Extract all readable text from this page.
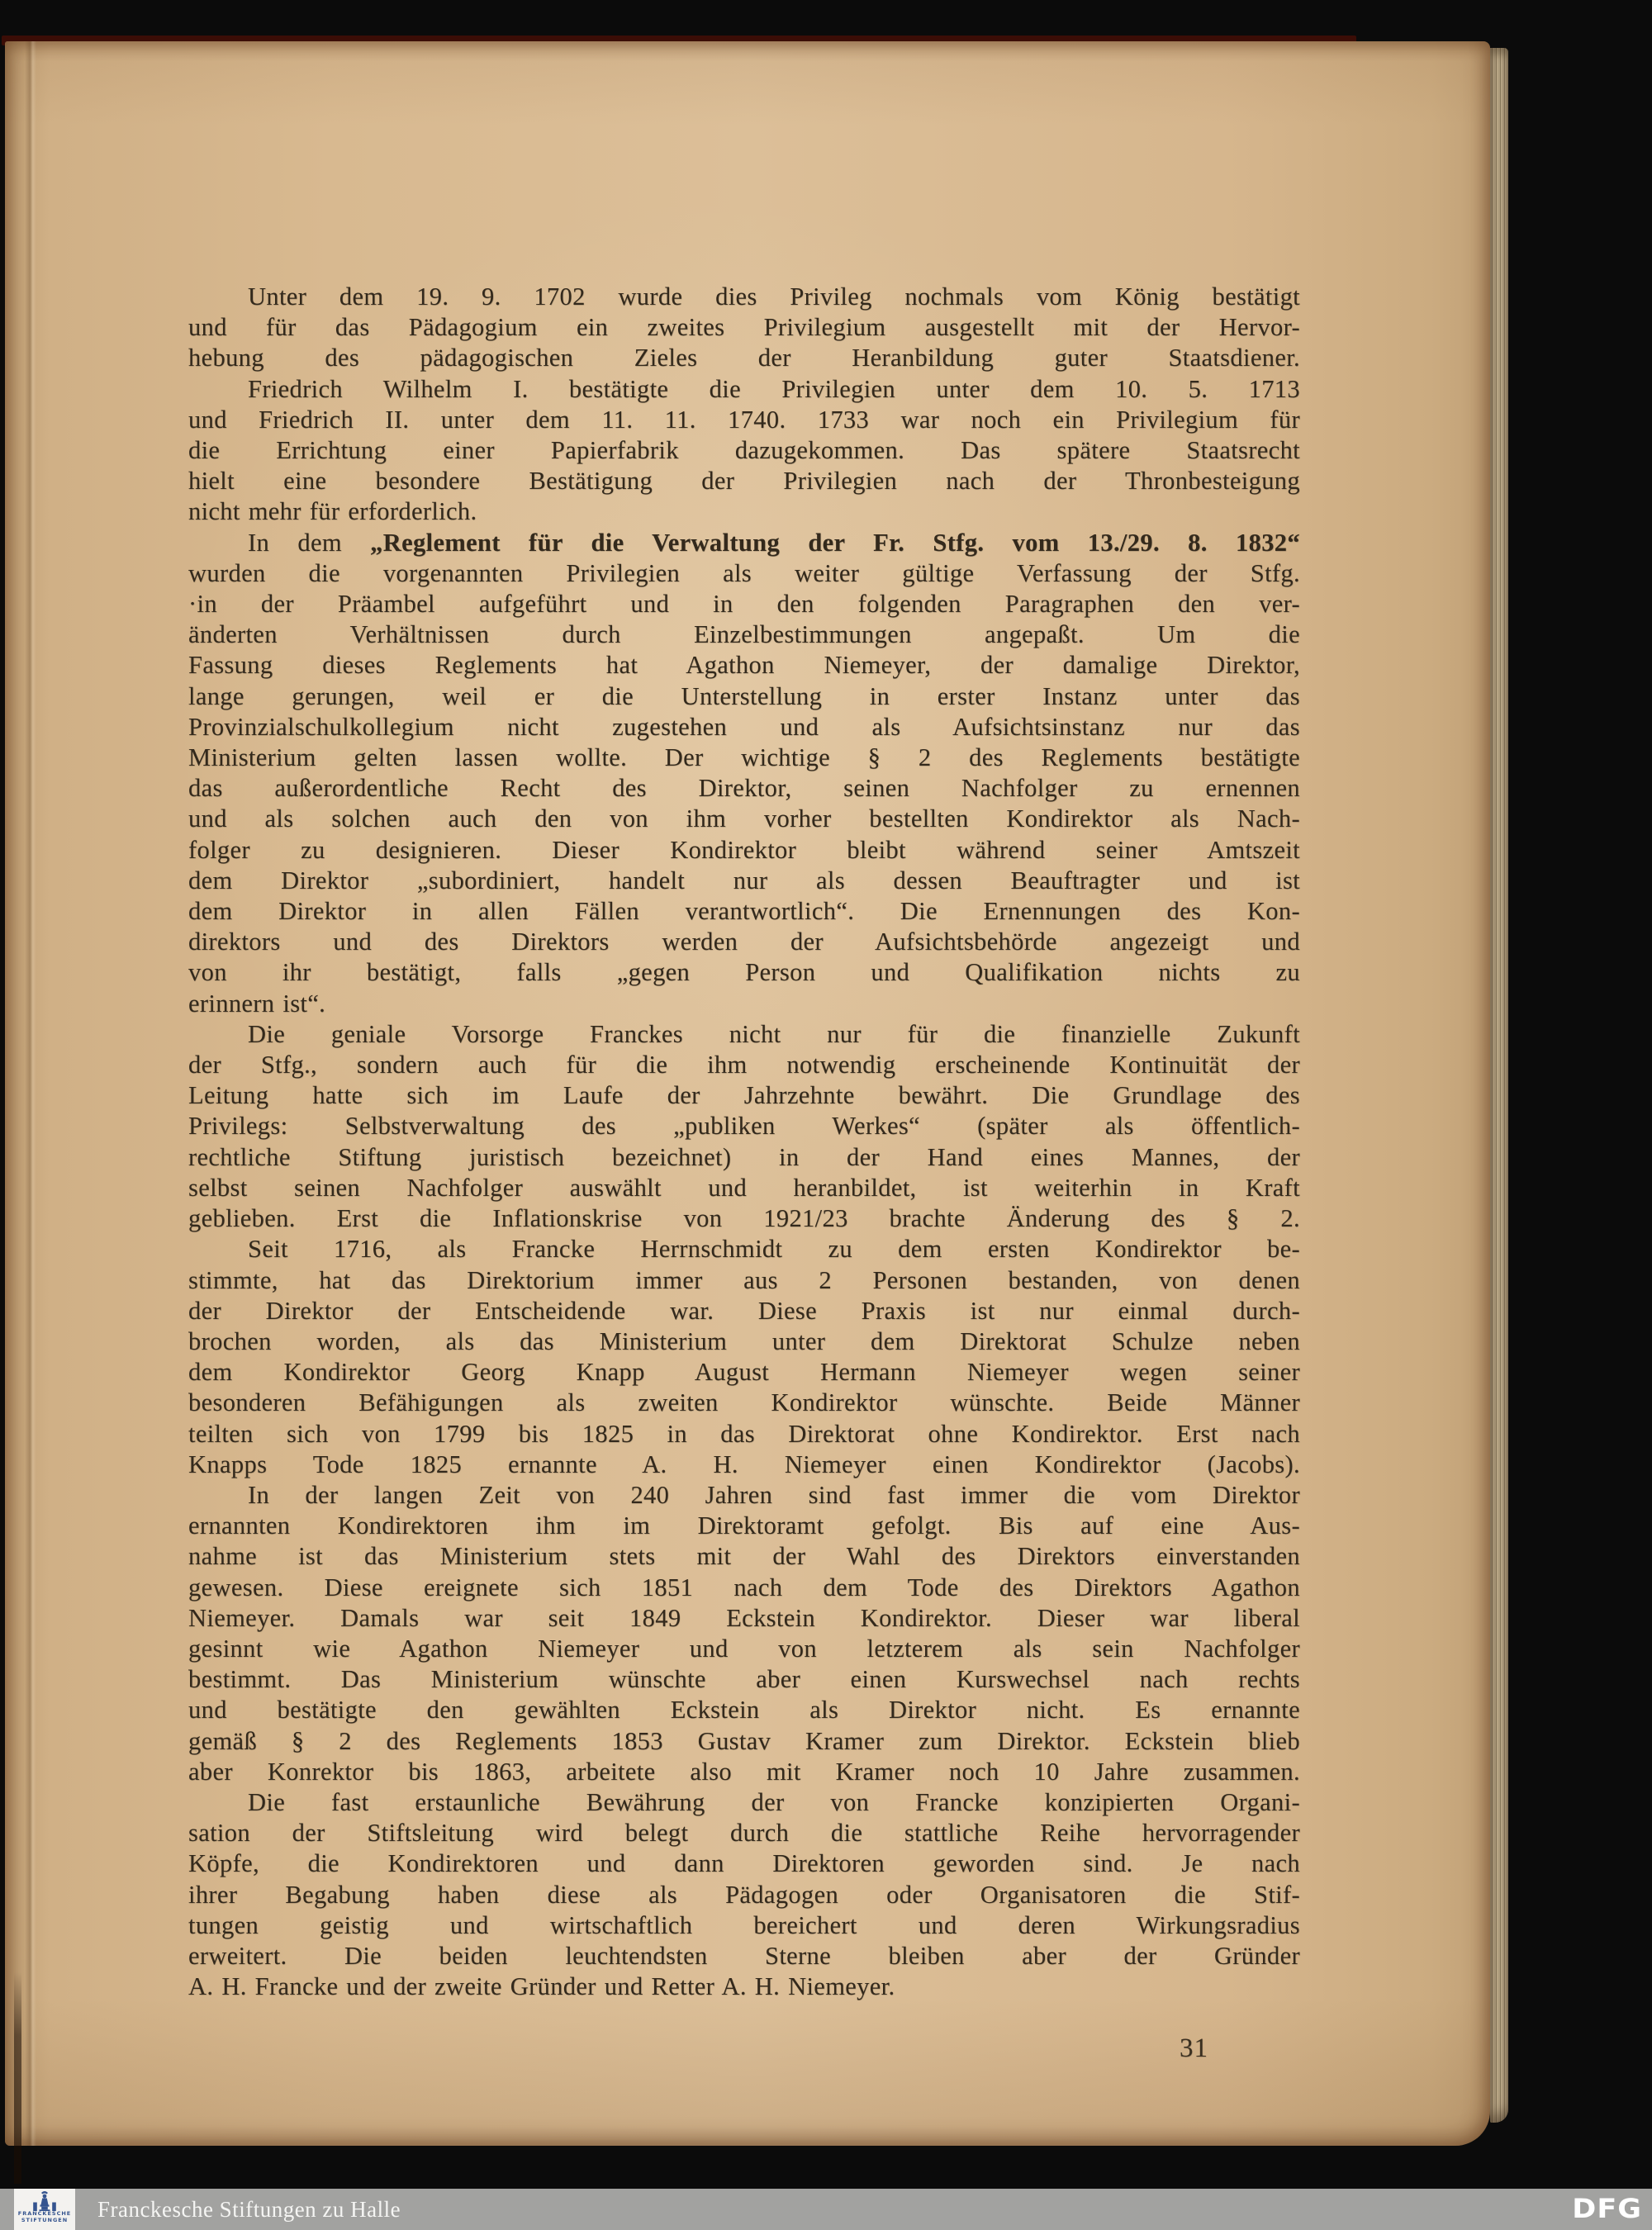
Unter dem 19. 9. 1702 wurde dies Privileg nochmals vom König bestätigt
und für das Pädagogium ein zweites Privilegium ausgestellt mit der Hervor-
hebung des pädagogischen Zieles der Heranbildung guter Staatsdiener.
Friedrich Wilhelm I. bestätigte die Privilegien unter dem 10. 5. 1713
und Friedrich II. unter dem 11. 11. 1740. 1733 war noch ein Privilegium für
die Errichtung einer Papierfabrik dazugekommen. Das spätere Staatsrecht
hielt eine besondere Bestätigung der Privilegien nach der Thronbesteigung
nicht mehr für erforderlich.
In dem „Reglement für die Verwaltung der Fr. Stfg. vom 13./29. 8. 1832“
wurden die vorgenannten Privilegien als weiter gültige Verfassung der Stfg.
·in der Präambel aufgeführt und in den folgenden Paragraphen den ver-
änderten Verhältnissen durch Einzelbestimmungen angepaßt. Um die
Fassung dieses Reglements hat Agathon Niemeyer, der damalige Direktor,
lange gerungen, weil er die Unterstellung in erster Instanz unter das
Provinzialschulkollegium nicht zugestehen und als Aufsichtsinstanz nur das
Ministerium gelten lassen wollte. Der wichtige § 2 des Reglements bestätigte
das außerordentliche Recht des Direktor, seinen Nachfolger zu ernennen
und als solchen auch den von ihm vorher bestellten Kondirektor als Nach-
folger zu designieren. Dieser Kondirektor bleibt während seiner Amtszeit
dem Direktor „subordiniert, handelt nur als dessen Beauftragter und ist
dem Direktor in allen Fällen verantwortlich“. Die Ernennungen des Kon-
direktors und des Direktors werden der Aufsichtsbehörde angezeigt und
von ihr bestätigt, falls „gegen Person und Qualifikation nichts zu
erinnern ist“.
Die geniale Vorsorge Franckes nicht nur für die finanzielle Zukunft
der Stfg., sondern auch für die ihm notwendig erscheinende Kontinuität der
Leitung hatte sich im Laufe der Jahrzehnte bewährt. Die Grundlage des
Privilegs: Selbstverwaltung des „publiken Werkes“ (später als öffentlich-
rechtliche Stiftung juristisch bezeichnet) in der Hand eines Mannes, der
selbst seinen Nachfolger auswählt und heranbildet, ist weiterhin in Kraft
geblieben. Erst die Inflationskrise von 1921/23 brachte Änderung des § 2.
Seit 1716, als Francke Herrnschmidt zu dem ersten Kondirektor be-
stimmte, hat das Direktorium immer aus 2 Personen bestanden, von denen
der Direktor der Entscheidende war. Diese Praxis ist nur einmal durch-
brochen worden, als das Ministerium unter dem Direktorat Schulze neben
dem Kondirektor Georg Knapp August Hermann Niemeyer wegen seiner
besonderen Befähigungen als zweiten Kondirektor wünschte. Beide Männer
teilten sich von 1799 bis 1825 in das Direktorat ohne Kondirektor. Erst nach
Knapps Tode 1825 ernannte A. H. Niemeyer einen Kondirektor (Jacobs).
In der langen Zeit von 240 Jahren sind fast immer die vom Direktor
ernannten Kondirektoren ihm im Direktoramt gefolgt. Bis auf eine Aus-
nahme ist das Ministerium stets mit der Wahl des Direktors einverstanden
gewesen. Diese ereignete sich 1851 nach dem Tode des Direktors Agathon
Niemeyer. Damals war seit 1849 Eckstein Kondirektor. Dieser war liberal
gesinnt wie Agathon Niemeyer und von letzterem als sein Nachfolger
bestimmt. Das Ministerium wünschte aber einen Kurswechsel nach rechts
und bestätigte den gewählten Eckstein als Direktor nicht. Es ernannte
gemäß § 2 des Reglements 1853 Gustav Kramer zum Direktor. Eckstein blieb
aber Konrektor bis 1863, arbeitete also mit Kramer noch 10 Jahre zusammen.
Die fast erstaunliche Bewährung der von Francke konzipierten Organi-
sation der Stiftsleitung wird belegt durch die stattliche Reihe hervorragender
Köpfe, die Kondirektoren und dann Direktoren geworden sind. Je nach
ihrer Begabung haben diese als Pädagogen oder Organisatoren die Stif-
tungen geistig und wirtschaftlich bereichert und deren Wirkungsradius
erweitert. Die beiden leuchtendsten Sterne bleiben aber der Gründer
A. H. Francke und der zweite Gründer und Retter A. H. Niemeyer.
31
FRANCKESCHE
STIFTUNGEN Franckesche Stiftungen zu Halle	DFG
